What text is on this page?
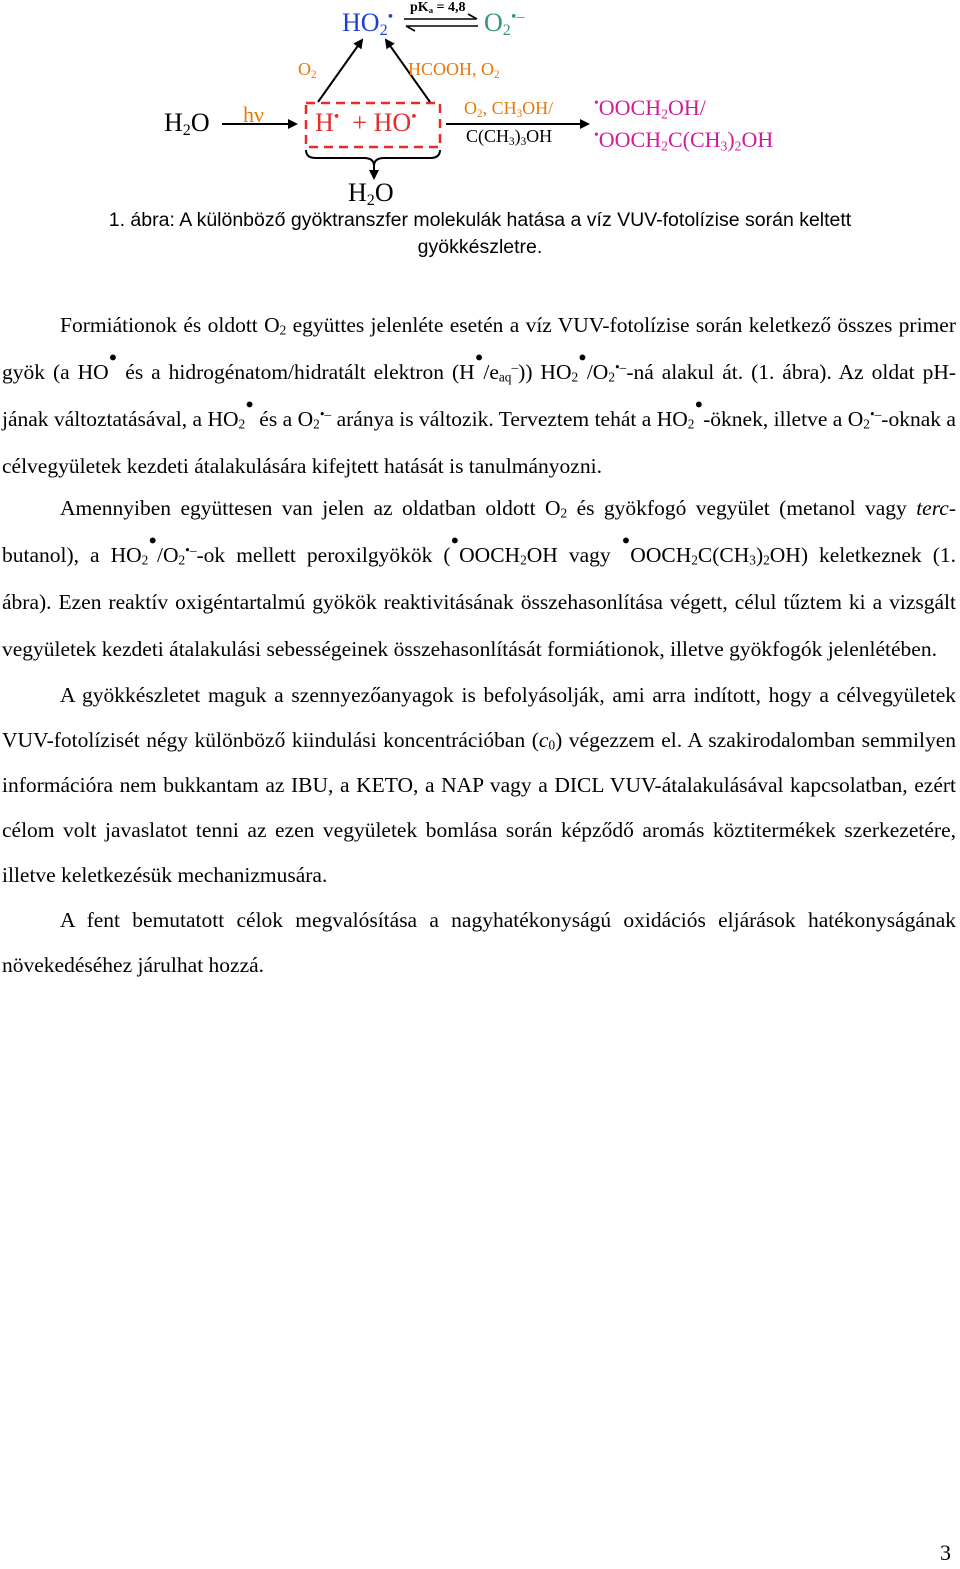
$H_2O$ hν H• + HO•
$O_2$
$HO_2^•$
$pK_a = 4,8$
$O_2^{•-}$
HCOOH, $O_2$
$O_2$, $CH_3OH/$
$C(CH_3)_3OH$
$^•OOCH_2OH/$
$^•OOCH_2C(CH_3)_2OH$
$H_2O$
1. ábra: A különböző gyöktranszfer molekulák hatása a víz VUV-fotolízise során keltett
gyökkészletre.

Formiátionok és oldott $O_2$ együttes jelenléte esetén a víz VUV-fotolízise során keletkező összes primer gyök (a HO• és a hidrogénatom/hidratált elektron $(H•/e_{aq}^-)$) $HO_2•/O_2^{•-}-ná$ alakul át. (1. ábra). Az oldat pH-jának változtatásával, a $HO_2•$ és a $O_2^{•-}$ aránya is változik. Terveztem tehát a $HO_2•$-öknek, illetve a $O_2^{•-}$-oknak a célvegyületek kezdeti átalakulására kifejtett hatását is tanulmányozni.

Amennyiben együttesen van jelen az oldatban oldott $O_2$ és gyökfogó vegyület (metanol vagy terc-butanol), a $HO_2•/O_2^{•-}-ok$ mellett peroxilgyökök ($•OOCH_2OH$ vagy $•OOCH_2C(CH_3)_2OH$) keletkeznek (1. ábra). Ezen reaktív oxigéntartalmú gyökök reaktivitásának összehasonlítása végett, célul tűztem ki a vizsgált vegyületek kezdeti átalakulási sebességeinek összehasonlítását formiátionok, illetve gyökfogók jelenlétében.

A gyökkészletet maguk a szennyezőanyagok is befolyásolják, ami arra indított, hogy a célvegyületek VUV-fotolízisét négy különböző kiindulási koncentrációban $(c_0)$ végezzem el. A szakirodalomban semmilyen információra nem bukkantam az IBU, a KETO, a NAP vagy a DICL VUV-átalakulásával kapcsolatban, ezért célom volt javaslatot tenni az ezen vegyületek bomlása során képződő aromás köztitermékek szerkezetére, illetve keletkezésük mechanizmusára.

A fent bemutatott célok megvalósítása a nagyhatékonyságú oxidációs eljárások hatékonyságának növekedéséhez járulhat hozzá.

3
